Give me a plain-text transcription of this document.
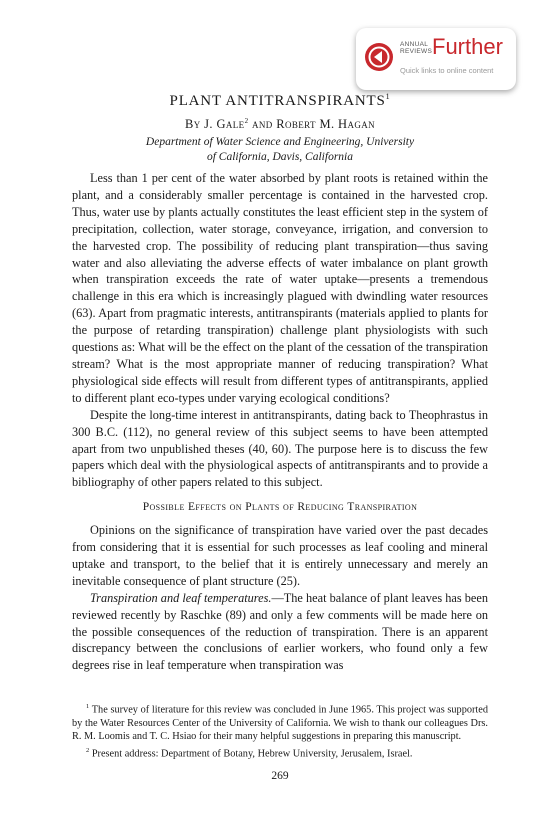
ANNUAL
REVIEWS Further
Quick links to online content
PLANT ANTITRANSPIRANTS$^1$
By J. Gale$^2$ and Robert M. Hagan
Department of Water Science and Engineering, University
of California, Davis, California

Less than 1 per cent of the water absorbed by plant roots is retained within the plant, and a considerably smaller percentage is contained in the harvested crop. Thus, water use by plants actually constitutes the least efficient step in the system of precipitation, collection, water storage, conveyance, irrigation, and conversion to the harvested crop. The possibility of reducing plant transpiration—thus saving water and also alleviating the adverse effects of water imbalance on plant growth when transpiration exceeds the rate of water uptake—presents a tremendous challenge in this era which is increasingly plagued with dwindling water resources (63). Apart from pragmatic interests, antitranspirants (materials applied to plants for the purpose of retarding transpiration) challenge plant physiologists with such questions as: What will be the effect on the plant of the cessation of the transpiration stream? What is the most appropriate manner of reducing transpiration? What physiological side effects will result from different types of antitranspirants, applied to different plant eco-types under varying ecological conditions?

Despite the long-time interest in antitranspirants, dating back to Theophrastus in 300 B.C. (112), no general review of this subject seems to have been attempted apart from two unpublished theses (40, 60). The purpose here is to discuss the few papers which deal with the physiological aspects of antitranspirants and to provide a bibliography of other papers related to this subject.

Possible Effects on Plants of Reducing Transpiration

Opinions on the significance of transpiration have varied over the past decades from considering that it is essential for such processes as leaf cooling and mineral uptake and transport, to the belief that it is entirely unnecessary and merely an inevitable consequence of plant structure (25).

Transpiration and leaf temperatures.—The heat balance of plant leaves has been reviewed recently by Raschke (89) and only a few comments will be made here on the possible consequences of the reduction of transpiration. There is an apparent discrepancy between the conclusions of earlier workers, who found only a few degrees rise in leaf temperature when transpiration was

$^1$ The survey of literature for this review was concluded in June 1965. This project was supported by the Water Resources Center of the University of California. We wish to thank our colleagues Drs. R. M. Loomis and T. C. Hsiao for their many helpful suggestions in preparing this manuscript.

$^2$ Present address: Department of Botany, Hebrew University, Jerusalem, Israel.

269
